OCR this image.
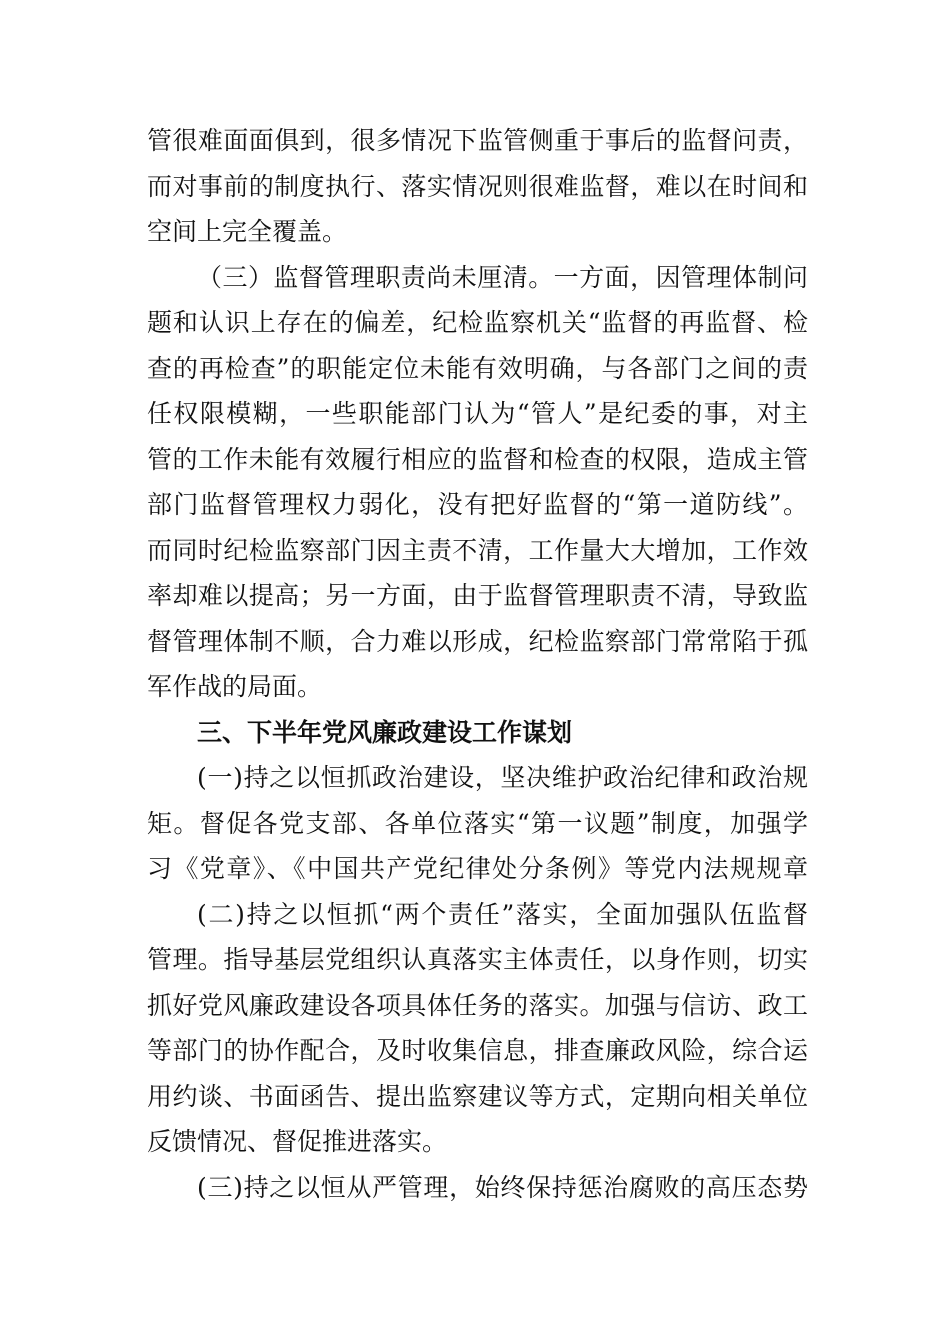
管很难面面俱到，很多情况下监管侧重于事后的监督问责，
而对事前的制度执行、落实情况则很难监督，难以在时间和
空间上完全覆盖。
（三）监督管理职责尚未厘清。一方面，因管理体制问
题和认识上存在的偏差，纪检监察机关“监督的再监督、检
查的再检查”的职能定位未能有效明确，与各部门之间的责
任权限模糊，一些职能部门认为“管人”是纪委的事，对主
管的工作未能有效履行相应的监督和检查的权限，造成主管
部门监督管理权力弱化，没有把好监督的“第一道防线”。
而同时纪检监察部门因主责不清，工作量大大增加，工作效
率却难以提高；另一方面，由于监督管理职责不清，导致监
督管理体制不顺，合力难以形成，纪检监察部门常常陷于孤
军作战的局面。
三、下半年党风廉政建设工作谋划
(一)持之以恒抓政治建设，坚决维护政治纪律和政治规
矩。督促各党支部、各单位落实“第一议题”制度，加强学
习《党章》、《中国共产党纪律处分条例》等党内法规规章
(二)持之以恒抓“两个责任”落实，全面加强队伍监督
管理。指导基层党组织认真落实主体责任，以身作则，切实
抓好党风廉政建设各项具体任务的落实。加强与信访、政工
等部门的协作配合，及时收集信息，排查廉政风险，综合运
用约谈、书面函告、提出监察建议等方式，定期向相关单位
反馈情况、督促推进落实。
(三)持之以恒从严管理，始终保持惩治腐败的高压态势
